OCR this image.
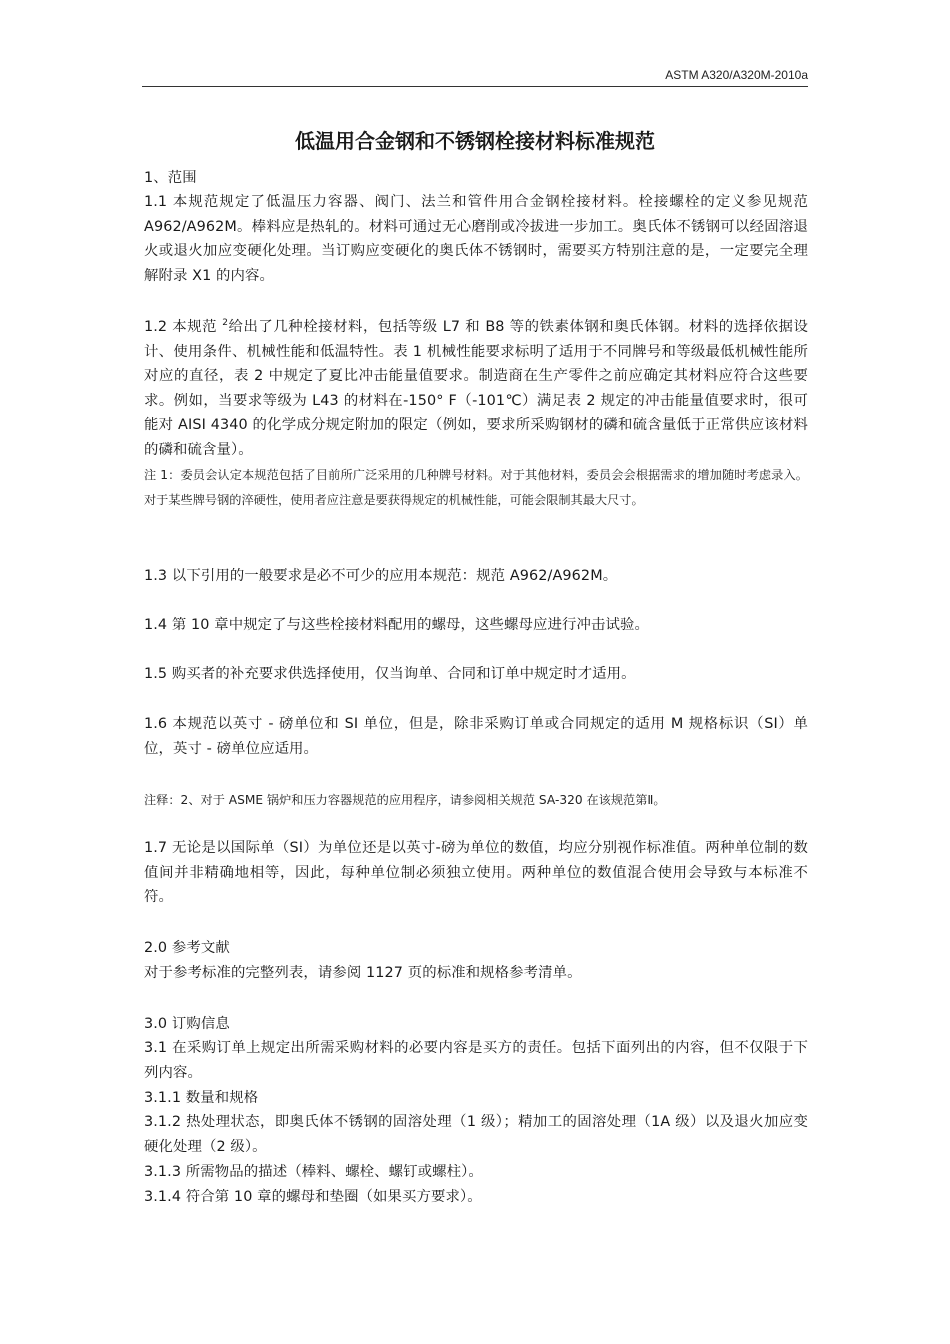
ASTM A320/A320M-2010a
低温用合金钢和不锈钢栓接材料标准规范

1、范围

1.1 本规范规定了低温压力容器、阀门、法兰和管件用合金钢栓接材料。栓接螺栓的定义参见规范 A962/A962M。棒料应是热轧的。材料可通过无心磨削或冷拔进一步加工。奥氏体不锈钢可以经固溶退火或退火加应变硬化处理。当订购应变硬化的奥氏体不锈钢时，需要买方特别注意的是，一定要完全理解附录 X1 的内容。

1.2 本规范 $^2$给出了几种栓接材料，包括等级 L7 和 B8 等的铁素体钢和奥氏体钢。材料的选择依据设计、使用条件、机械性能和低温特性。表 1 机械性能要求标明了适用于不同牌号和等级最低机械性能所对应的直径，表 2 中规定了夏比冲击能量值要求。制造商在生产零件之前应确定其材料应符合这些要求。例如，当要求等级为 L43 的材料在-150° F（-101℃）满足表 2 规定的冲击能量值要求时，很可能对 AISI 4340 的化学成分规定附加的限定（例如，要求所采购钢材的磷和硫含量低于正常供应该材料的磷和硫含量）。

注 1：委员会认定本规范包括了目前所广泛采用的几种牌号材料。对于其他材料，委员会会根据需求的增加随时考虑录入。对于某些牌号钢的淬硬性，使用者应注意是要获得规定的机械性能，可能会限制其最大尺寸。

1.3 以下引用的一般要求是必不可少的应用本规范：规范 A962/A962M。

1.4 第 10 章中规定了与这些栓接材料配用的螺母，这些螺母应进行冲击试验。

1.5 购买者的补充要求供选择使用，仅当询单、合同和订单中规定时才适用。

1.6 本规范以英寸 - 磅单位和 SI 单位，但是，除非采购订单或合同规定的适用 M 规格标识（SI）单位，英寸 - 磅单位应适用。

注释：2、对于 ASME 锅炉和压力容器规范的应用程序，请参阅相关规范 SA-320 在该规范第Ⅱ。

1.7 无论是以国际单（SI）为单位还是以英寸-磅为单位的数值，均应分别视作标准值。两种单位制的数值间并非精确地相等，因此，每种单位制必须独立使用。两种单位的数值混合使用会导致与本标准不符。

2.0 参考文献

对于参考标准的完整列表，请参阅 1127 页的标准和规格参考清单。

3.0 订购信息

3.1 在采购订单上规定出所需采购材料的必要内容是买方的责任。包括下面列出的内容，但不仅限于下列内容。

3.1.1 数量和规格

3.1.2 热处理状态，即奥氏体不锈钢的固溶处理（1 级）；精加工的固溶处理（1A 级）以及退火加应变硬化处理（2 级）。

3.1.3 所需物品的描述（棒料、螺栓、螺钉或螺柱）。

3.1.4 符合第 10 章的螺母和垫圈（如果买方要求）。
